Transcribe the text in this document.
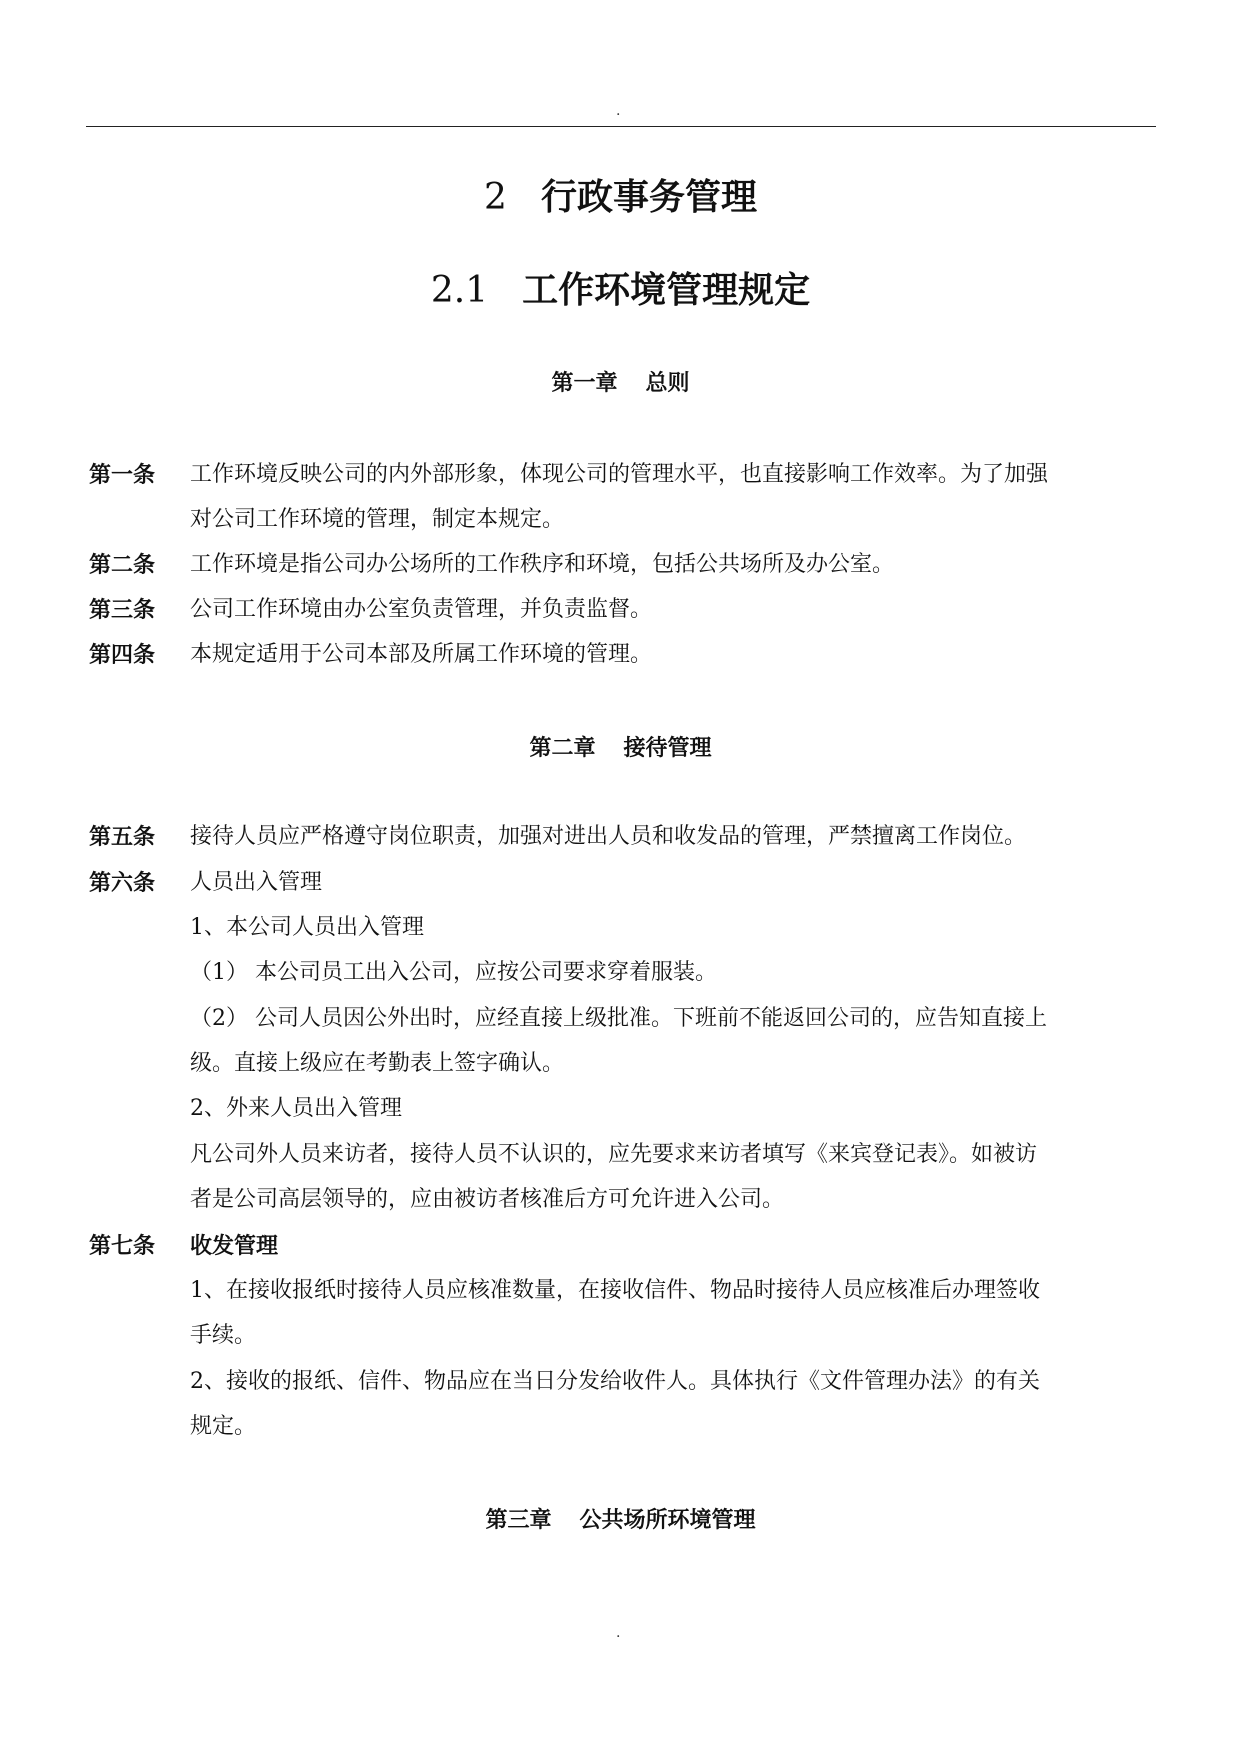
.
2 行政事务管理
2.1 工作环境管理规定
第一章 总则
第一条 工作环境反映公司的内外部形象，体现公司的管理水平，也直接影响工作效率。为了加强
对公司工作环境的管理，制定本规定。
第二条 工作环境是指公司办公场所的工作秩序和环境，包括公共场所及办公室。
第三条 公司工作环境由办公室负责管理，并负责监督。
第四条 本规定适用于公司本部及所属工作环境的管理。
第二章 接待管理
第五条 接待人员应严格遵守岗位职责，加强对进出人员和收发品的管理，严禁擅离工作岗位。
第六条 人员出入管理
1、本公司人员出入管理
（1） 本公司员工出入公司，应按公司要求穿着服装。
（2） 公司人员因公外出时，应经直接上级批准。下班前不能返回公司的，应告知直接上
级。直接上级应在考勤表上签字确认。
2、外来人员出入管理
凡公司外人员来访者，接待人员不认识的，应先要求来访者填写《来宾登记表》。如被访
者是公司高层领导的，应由被访者核准后方可允许进入公司。
第七条 收发管理
1、在接收报纸时接待人员应核准数量，在接收信件、物品时接待人员应核准后办理签收
手续。
2、接收的报纸、信件、物品应在当日分发给收件人。具体执行《文件管理办法》的有关
规定。
第三章 公共场所环境管理
.
